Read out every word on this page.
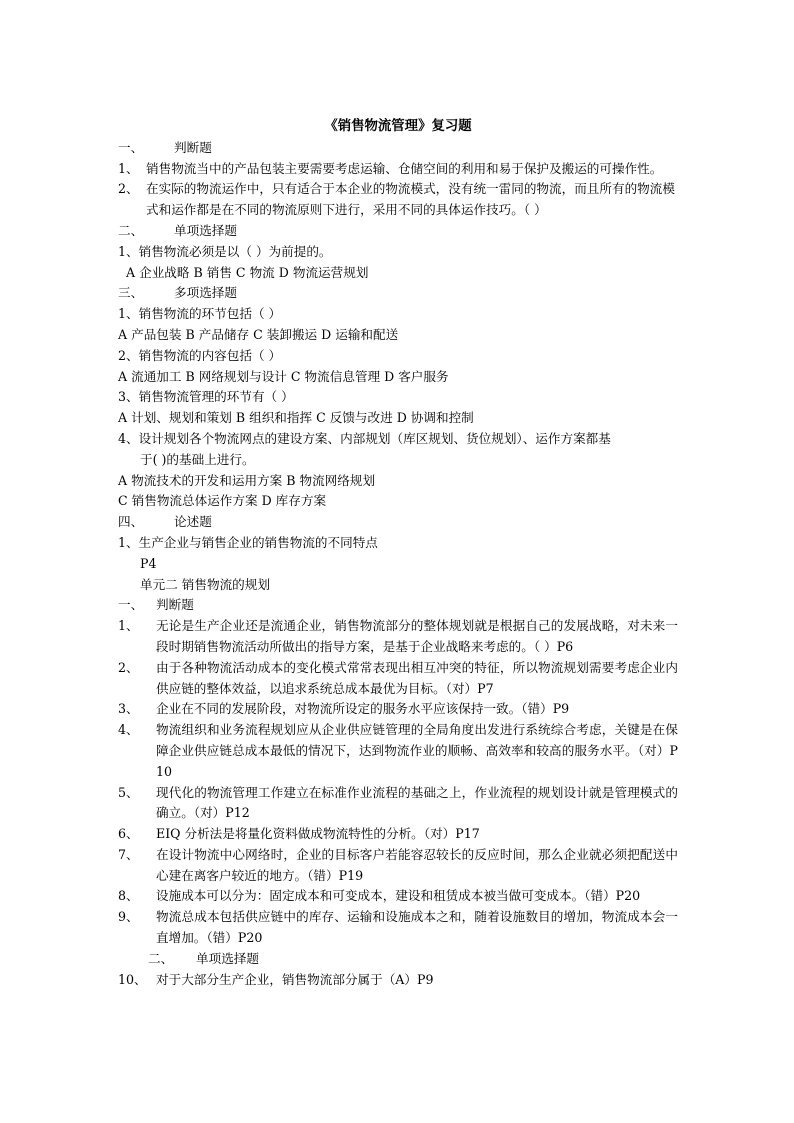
《销售物流管理》复习题
一、	判断题
1、 销售物流当中的产品包装主要需要考虑运输、仓储空间的利用和易于保护及搬运的可操作性。
2、 在实际的物流运作中，只有适合于本企业的物流模式，没有统一雷同的物流，而且所有的物流模式和运作都是在不同的物流原则下进行，采用不同的具体运作技巧。（ ）
二、	单项选择题
1、销售物流必须是以（ ）为前提的。
A 企业战略 B 销售 C 物流 D 物流运营规划
三、	多项选择题
1、销售物流的环节包括（ ）
A 产品包装 B 产品储存 C 装卸搬运 D 运输和配送
2、销售物流的内容包括（ ）
A 流通加工 B 网络规划与设计 C 物流信息管理 D 客户服务
3、销售物流管理的环节有（ ）
A 计划、规划和策划 B 组织和指挥 C 反馈与改进 D 协调和控制
4、设计规划各个物流网点的建设方案、内部规划（库区规划、货位规划）、运作方案都基
于( )的基础上进行。
A 物流技术的开发和运用方案 B 物流网络规划
C 销售物流总体运作方案 D 库存方案
四、	论述题
1、生产企业与销售企业的销售物流的不同特点
P4
单元二 销售物流的规划
一、	判断题
1、	无论是生产企业还是流通企业，销售物流部分的整体规划就是根据自己的发展战略，对未来一段时期销售物流活动所做出的指导方案，是基于企业战略来考虑的。（ ）P6
2、	由于各种物流活动成本的变化模式常常表现出相互冲突的特征，所以物流规划需要考虑企业内供应链的整体效益，以追求系统总成本最优为目标。（对）P7
3、	企业在不同的发展阶段，对物流所设定的服务水平应该保持一致。（错）P9
4、	物流组织和业务流程规划应从企业供应链管理的全局角度出发进行系统综合考虑，关键是在保障企业供应链总成本最低的情况下，达到物流作业的顺畅、高效率和较高的服务水平。（对）P10
5、	现代化的物流管理工作建立在标准作业流程的基础之上，作业流程的规划设计就是管理模式的确立。（对）P12
6、	EIQ 分析法是将量化资料做成物流特性的分析。（对）P17
7、	在设计物流中心网络时，企业的目标客户若能容忍较长的反应时间，那么企业就必须把配送中心建在离客户较近的地方。（错）P19
8、	设施成本可以分为：固定成本和可变成本，建设和租赁成本被当做可变成本。（错）P20
9、	物流总成本包括供应链中的库存、运输和设施成本之和，随着设施数目的增加，物流成本会一直增加。（错）P20
二、	单项选择题
10、 对于大部分生产企业，销售物流部分属于（A）P9
